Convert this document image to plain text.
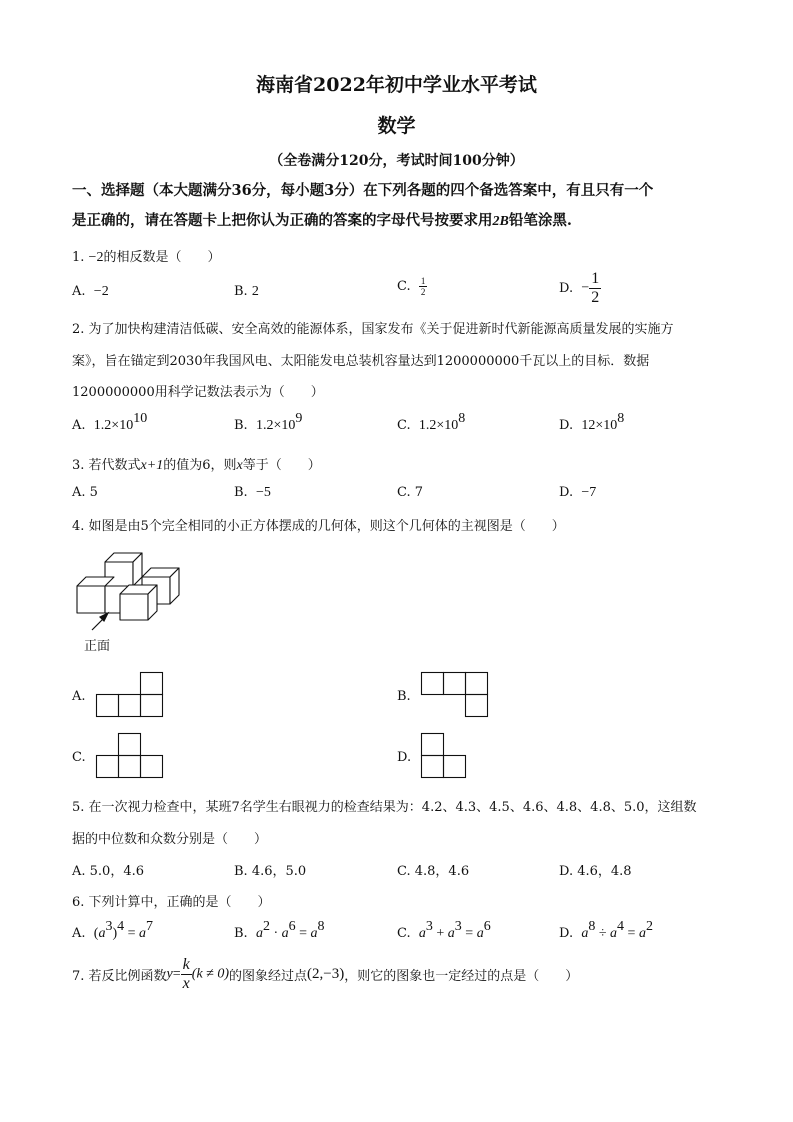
海南省2022年初中学业水平考试
数学
（全卷满分120分，考试时间100分钟）
一、选择题（本大题满分36分，每小题3分）在下列各题的四个备选答案中，有且只有一个
是正确的，请在答题卡上把你认为正确的答案的字母代号按要求用2B铅笔涂黑.
1. −2的相反数是（　　）
A. −2	B. 2	C. $\frac{1}{2}$	D. − $\frac{1}{2}$
2. 为了加快构建清洁低碳、安全高效的能源体系，国家发布《关于促进新时代新能源高质量发展的实施方
案》，旨在锚定到2030年我国风电、太阳能发电总装机容量达到1200000000千瓦以上的目标．数据
1200000000用科学记数法表示为（　　）
A. $1.2\times 10^{10}$	B. $1.2\times 10^9$	C. $1.2\times 10^8$	D. $12\times 10^8$
3. 若代数式x+1的值为6，则x等于（　　）
A. 5	B. −5	C. 7	D. −7
4. 如图是由5个完全相同的小正方体摆成的几何体，则这个几何体的主视图是（　　）
正面
A.	B.
C.	D.
5. 在一次视力检查中，某班7名学生右眼视力的检查结果为：4.2、4.3、4.5、4.6、4.8、4.8、5.0，这组数
据的中位数和众数分别是（　　）
A. 5.0，4.6	B. 4.6，5.0	C. 4.8，4.6	D. 4.6，4.8
6. 下列计算中，正确的是（　　）
A. $(a^3)^4 = a^7$	B. $a^2 \cdot a^6 = a^8$	C. $a^3 + a^3 = a^6$	D. $a^8 \div a^4 = a^2$
7. 若反比例函数$y= \frac{k}{x} (k \ne 0)$的图象经过点(2,−3)，则它的图象也一定经过的点是（　　）
